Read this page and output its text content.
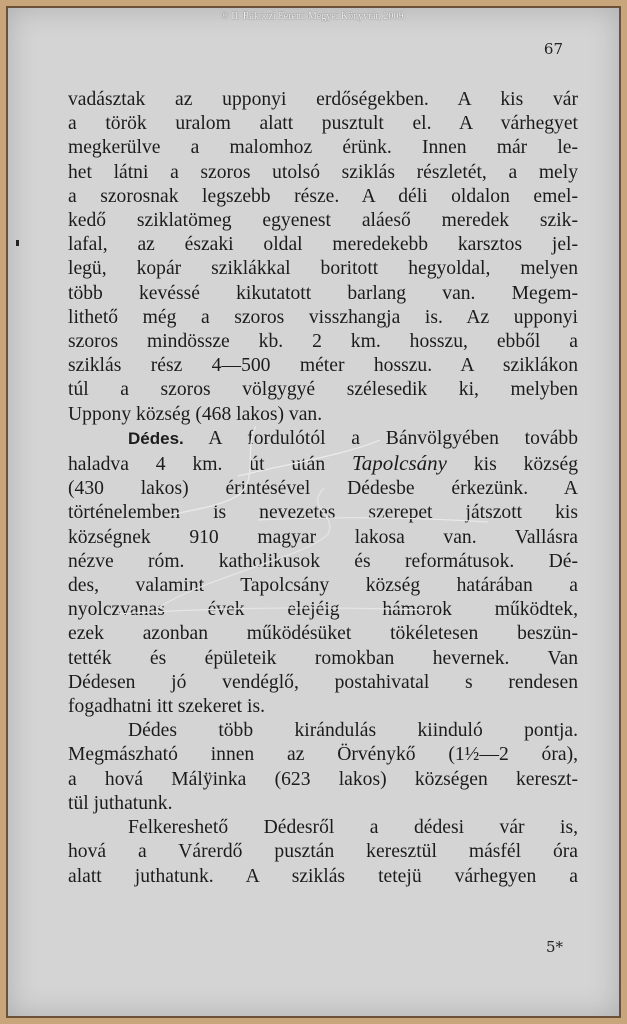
© II. Rákóczi Ferenc Megyei Könyvtár, 2009.
67
vadásztak az upponyi erdőségekben. A kis vár
a török uralom alatt pusztult el. A várhegyet
megkerülve a malomhoz érünk. Innen már le-
het látni a szoros utolsó sziklás részletét, a mely
a szorosnak legszebb része. A déli oldalon emel-
kedő sziklatömeg egyenest aláeső meredek szik-
lafal, az északi oldal meredekebb karsztos jel-
legü, kopár sziklákkal boritott hegyoldal, melyen
több kevéssé kikutatott barlang van. Megem-
lithető még a szoros visszhangja is. Az upponyi
szoros mindössze kb. 2 km. hosszu, ebből a
sziklás rész 4—500 méter hosszu. A sziklákon
túl a szoros völgygyé szélesedik ki, melyben
Uppony község (468 lakos) van.
Dédes. A fordulótól a Bánvölgyében tovább
haladva 4 km. út után Tapolcsány kis község
(430 lakos) érintésével Dédesbe érkezünk. A
történelemben is nevezetes szerepet játszott kis
községnek 910 magyar lakosa van. Vallásra
nézve róm. katholikusok és reformátusok. Dé-
des, valamint Tapolcsány község határában a
nyolczvanas évek elejéig hámorok működtek,
ezek azonban működésüket tökéletesen beszün-
tették és épületeik romokban hevernek. Van
Dédesen jó vendéglő, postahivatal s rendesen
fogadhatni itt szekeret is.
Dédes több kirándulás kiinduló pontja.
Megmászható innen az Örvénykő (1½—2 óra),
a hová Málÿinka (623 lakos) községen kereszt-
tül juthatunk.
Felkereshető Dédesről a dédesi vár is,
hová a Várerdő pusztán keresztül másfél óra
alatt juthatunk. A sziklás tetejü várhegyen a
5*
